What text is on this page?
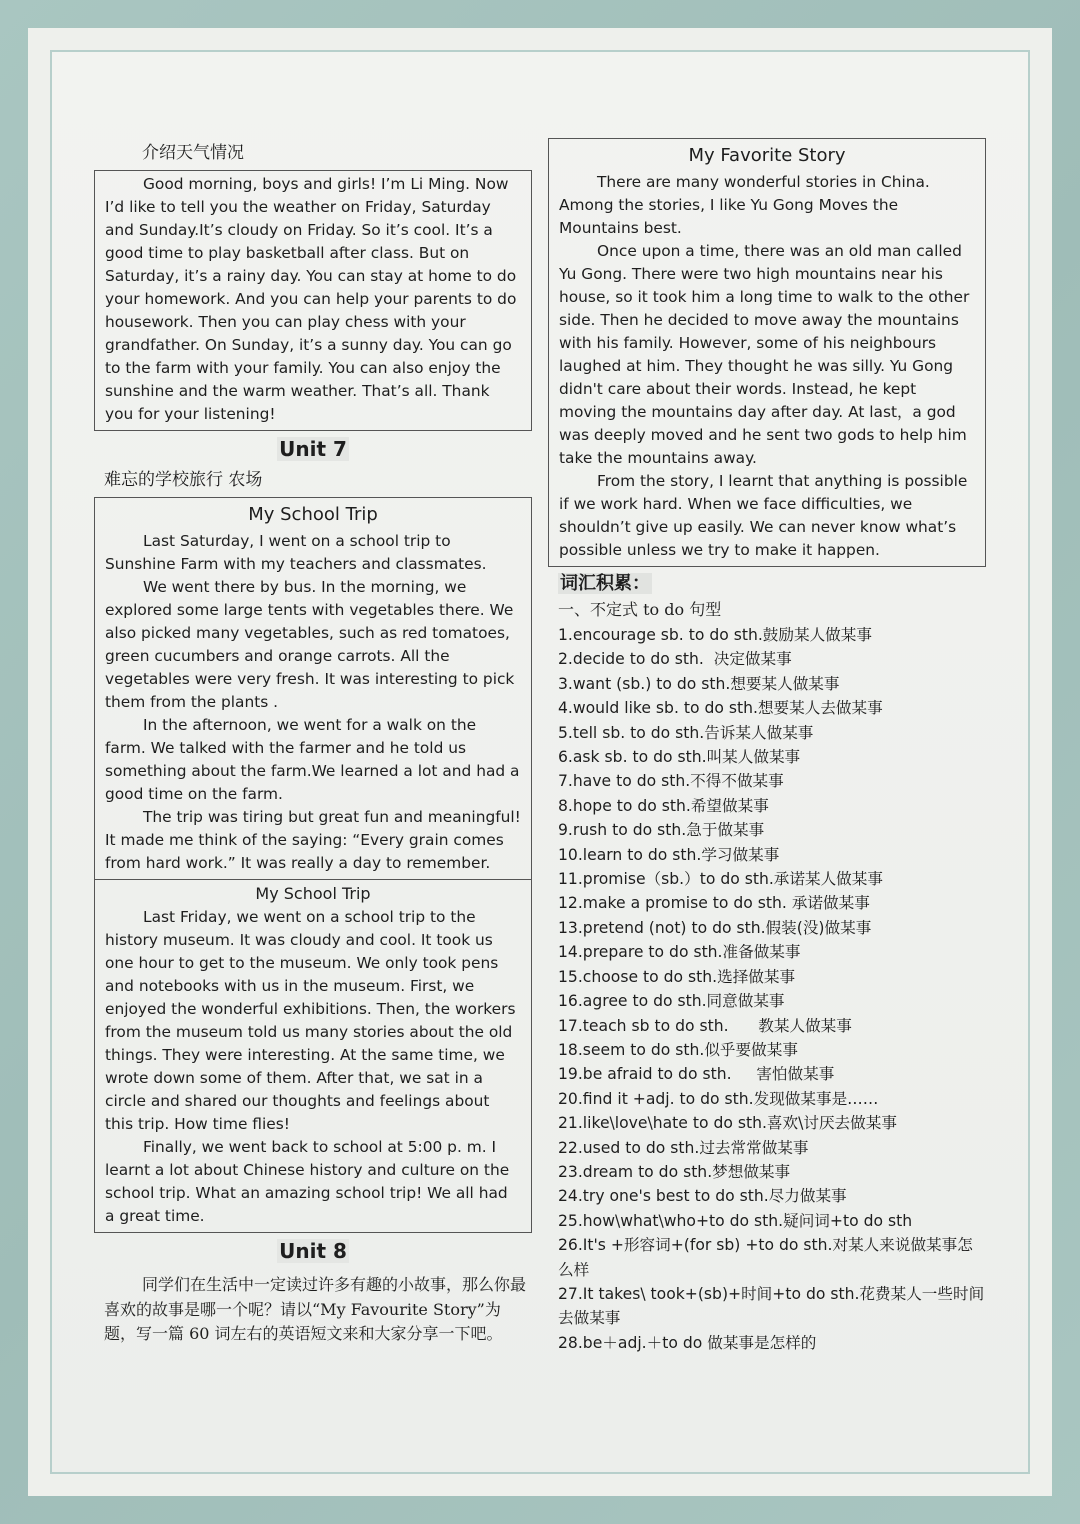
介绍天气情况

Good morning, boys and girls! I’m Li Ming. Now I’d like to tell you the weather on Friday, Saturday and Sunday.It’s cloudy on Friday. So it’s cool. It’s a good time to play basketball after class. But on Saturday, it’s a rainy day. You can stay at home to do your homework. And you can help your parents to do housework. Then you can play chess with your grandfather. On Sunday, it’s a sunny day. You can go to the farm with your family. You can also enjoy the sunshine and the warm weather. That’s all. Thank you for your listening!

Unit 7
难忘的学校旅行 农场

My School Trip

Last Saturday, I went on a school trip to Sunshine Farm with my teachers and classmates.

We went there by bus. In the morning, we explored some large tents with vegetables there. We also picked many vegetables, such as red tomatoes, green cucumbers and orange carrots. All the vegetables were very fresh. It was interesting to pick them from the plants .

In the afternoon, we went for a walk on the farm. We talked with the farmer and he told us something about the farm.We learned a lot and had a good time on the farm.

The trip was tiring but great fun and meaningful! It made me think of the saying: “Every grain comes from hard work.” It was really a day to remember.

My School Trip

Last Friday, we went on a school trip to the history museum. It was cloudy and cool. It took us one hour to get to the museum. We only took pens and notebooks with us in the museum. First, we enjoyed the wonderful exhibitions. Then, the workers from the museum told us many stories about the old things. They were interesting. At the same time, we wrote down some of them. After that, we sat in a circle and shared our thoughts and feelings about this trip. How time flies!

Finally, we went back to school at 5:00 p. m. I learnt a lot about Chinese history and culture on the school trip. What an amazing school trip! We all had a great time.

Unit 8

同学们在生活中一定读过许多有趣的小故事，那么你最喜欢的故事是哪一个呢？请以“My Favourite Story”为题，写一篇 60 词左右的英语短文来和大家分享一下吧。

My Favorite Story

There are many wonderful stories in China. Among the stories, I like Yu Gong Moves the Mountains best.

Once upon a time, there was an old man called Yu Gong. There were two high mountains near his house, so it took him a long time to walk to the other side. Then he decided to move away the mountains with his family. However, some of his neighbours laughed at him. They thought he was silly. Yu Gong didn't care about their words. Instead, he kept moving the mountains day after day. At last，a god was deeply moved and he sent two gods to help him take the mountains away.

From the story, I learnt that anything is possible if we work hard. When we face difficulties, we shouldn’t give up easily. We can never know what’s possible unless we try to make it happen.

词汇积累：
一、不定式 to do 句型
1.encourage sb. to do sth.鼓励某人做某事
2.decide to do sth.  决定做某事
3.want (sb.) to do sth.想要某人做某事
4.would like sb. to do sth.想要某人去做某事
5.tell sb. to do sth.告诉某人做某事
6.ask sb. to do sth.叫某人做某事
7.have to do sth.不得不做某事
8.hope to do sth.希望做某事
9.rush to do sth.急于做某事
10.learn to do sth.学习做某事
11.promise（sb.）to do sth.承诺某人做某事
12.make a promise to do sth. 承诺做某事
13.pretend (not) to do sth.假装(没)做某事
14.prepare to do sth.准备做某事
15.choose to do sth.选择做某事
16.agree to do sth.同意做某事
17.teach sb to do sth.      教某人做某事
18.seem to do sth.似乎要做某事
19.be afraid to do sth.     害怕做某事
20.find it +adj. to do sth.发现做某事是……
21.like\love\hate to do sth.喜欢\讨厌去做某事
22.used to do sth.过去常常做某事
23.dream to do sth.梦想做某事
24.try one's best to do sth.尽力做某事
25.how\what\who+to do sth.疑问词+to do sth
26.It's +形容词+(for sb) +to do sth.对某人来说做某事怎么样
27.It takes\ took+(sb)+时间+to do sth.花费某人一些时间去做某事
28.be＋adj.＋to do 做某事是怎样的
